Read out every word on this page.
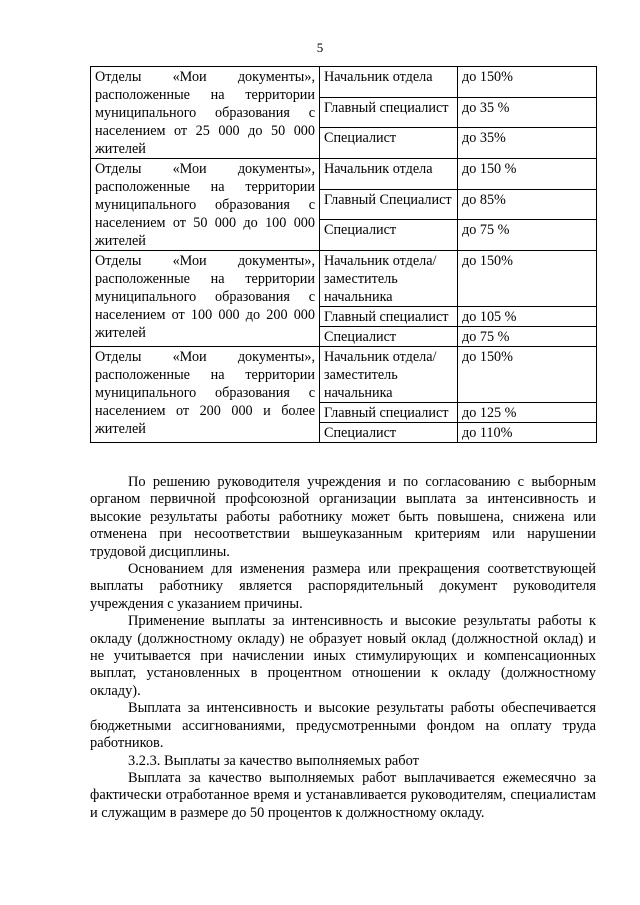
5
Отделы «Мои документы», расположенные на территории муниципального образования с населением от 25 000 до 50 000 жителей	Начальник отдела	до 150%
	Главный специалист	до 35 %
	Специалист	до 35%
Отделы «Мои документы», расположенные на территории муниципального образования с населением от 50 000 до 100 000 жителей	Начальник отдела	до 150 %
	Главный Специалист	до 85%
	Специалист	до 75 %
Отделы «Мои документы», расположенные на территории муниципального образования с населением от 100 000 до 200 000 жителей	Начальник отдела/ заместитель начальника	до 150%
	Главный специалист	до 105 %
	Специалист	до 75 %
Отделы «Мои документы», расположенные на территории муниципального образования с населением от 200 000 и более жителей	Начальник отдела/ заместитель начальника	до 150%
	Главный специалист	до 125 %
	Специалист	до 110%

По решению руководителя учреждения и по согласованию с выборным органом первичной профсоюзной организации выплата за интенсивность и высокие результаты работы работнику может быть повышена, снижена или отменена при несоответствии вышеуказанным критериям или нарушении трудовой дисциплины.

Основанием для изменения размера или прекращения соответствующей выплаты работнику является распорядительный документ руководителя учреждения с указанием причины.

Применение выплаты за интенсивность и высокие результаты работы к окладу (должностному окладу) не образует новый оклад (должностной оклад) и не учитывается при начислении иных стимулирующих и компенсационных выплат, установленных в процентном отношении к окладу (должностному окладу).

Выплата за интенсивность и высокие результаты работы обеспечивается бюджетными ассигнованиями, предусмотренными фондом на оплату труда работников.

3.2.3. Выплаты за качество выполняемых работ

Выплата за качество выполняемых работ выплачивается ежемесячно за фактически отработанное время и устанавливается руководителям, специалистам и служащим в размере до 50 процентов к должностному окладу.
